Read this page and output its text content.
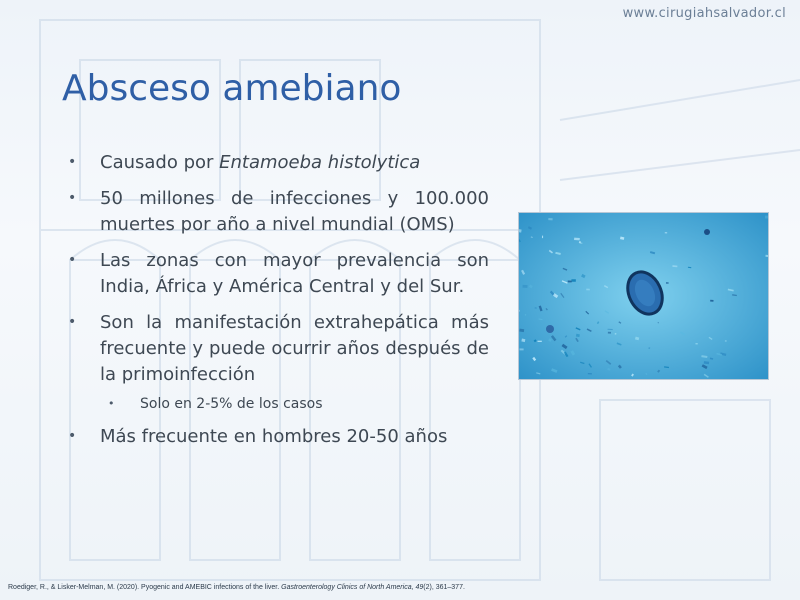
www.cirugiahsalvador.cl
Absceso amebiano
•	Causado por Entamoeba histolytica
•	50 millones de infecciones y 100.000 muertes por año a nivel mundial (OMS)
•	Las zonas con mayor prevalencia son India, África y América Central y del Sur.
•	Son la manifestación extrahepática más frecuente y puede ocurrir años después de la primoinfección
•	Solo en 2-5% de los casos
•	Más frecuente en hombres 20-50 años
Roediger, R., & Lisker-Melman, M. (2020). Pyogenic and AMEBIC infections of the liver. Gastroenterology Clinics of North America, 49(2), 361–377.
